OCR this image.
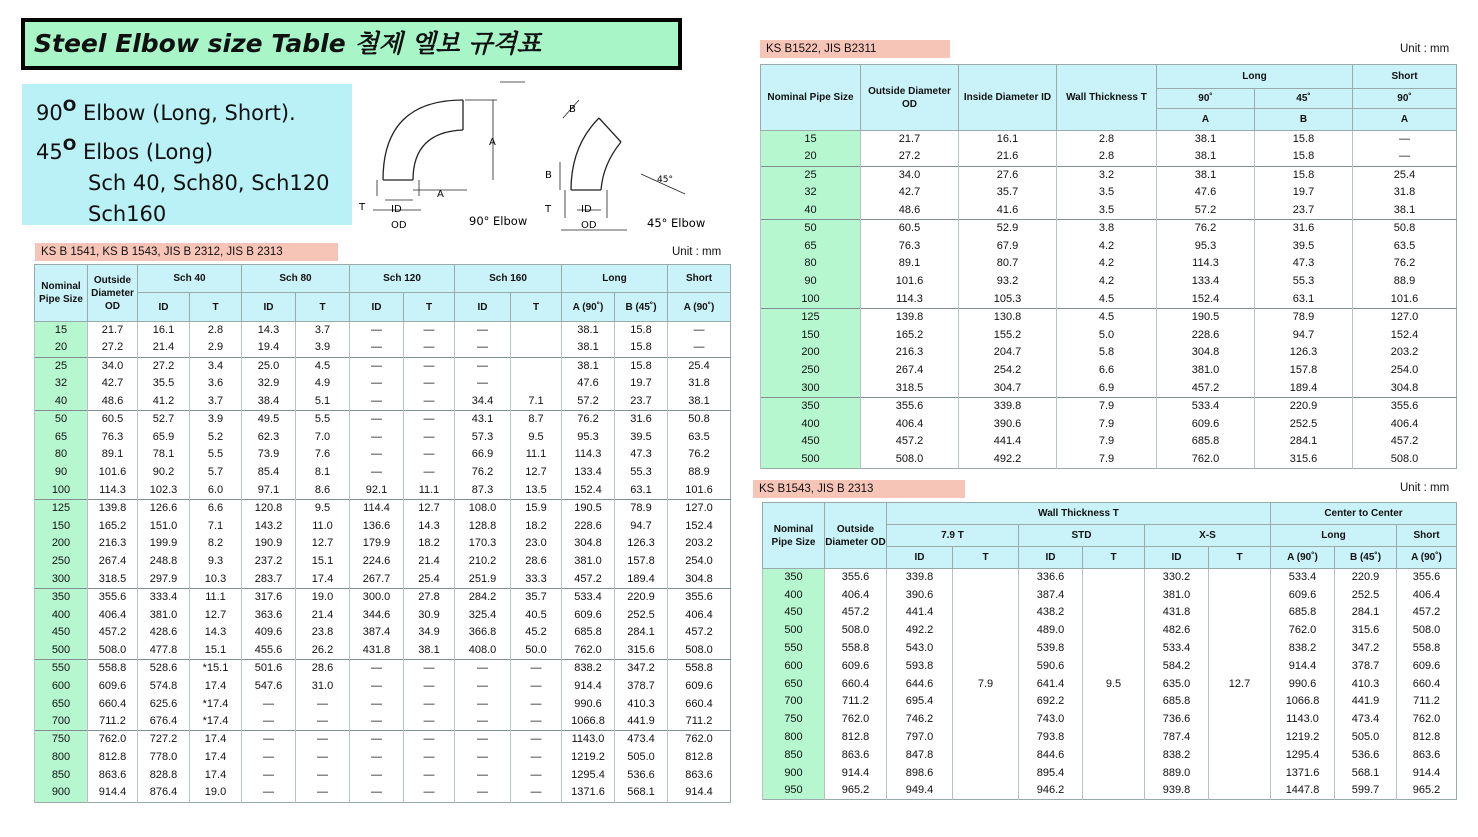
Steel Elbow size Table 철제 엘보 규격표
$90^O$ Elbow (Long, Short).
$45^O$ Elbos (Long)
Sch 40, Sch80, Sch120
Sch160
A
A
T	ID
OD	90° Elbow
B
B
T	ID
OD
45°
45° Elbow
KS B 1541, KS B 1543, JIS B 2312, JIS B 2313	Unit : mm
Nominal Pipe Size	Outside Diameter OD	Sch 40		Sch 80		Sch 120		Sch 160		Long		Short
		ID	T	ID	T	ID	T	ID	T	A (90˚)	B (45˚)	A (90˚)
15	21.7	16.1	2.8	14.3	3.7	—	—	—		38.1	15.8	—
20	27.2	21.4	2.9	19.4	3.9	—	—	—		38.1	15.8	—
25	34.0	27.2	3.4	25.0	4.5	—	—	—		38.1	15.8	25.4
32	42.7	35.5	3.6	32.9	4.9	—	—	—		47.6	19.7	31.8
40	48.6	41.2	3.7	38.4	5.1	—	—	34.4	7.1	57.2	23.7	38.1
50	60.5	52.7	3.9	49.5	5.5	—	—	43.1	8.7	76.2	31.6	50.8
65	76.3	65.9	5.2	62.3	7.0	—	—	57.3	9.5	95.3	39.5	63.5
80	89.1	78.1	5.5	73.9	7.6	—	—	66.9	11.1	114.3	47.3	76.2
90	101.6	90.2	5.7	85.4	8.1	—	—	76.2	12.7	133.4	55.3	88.9
100	114.3	102.3	6.0	97.1	8.6	92.1	11.1	87.3	13.5	152.4	63.1	101.6
125	139.8	126.6	6.6	120.8	9.5	114.4	12.7	108.0	15.9	190.5	78.9	127.0
150	165.2	151.0	7.1	143.2	11.0	136.6	14.3	128.8	18.2	228.6	94.7	152.4
200	216.3	199.9	8.2	190.9	12.7	179.9	18.2	170.3	23.0	304.8	126.3	203.2
250	267.4	248.8	9.3	237.2	15.1	224.6	21.4	210.2	28.6	381.0	157.8	254.0
300	318.5	297.9	10.3	283.7	17.4	267.7	25.4	251.9	33.3	457.2	189.4	304.8
350	355.6	333.4	11.1	317.6	19.0	300.0	27.8	284.2	35.7	533.4	220.9	355.6
400	406.4	381.0	12.7	363.6	21.4	344.6	30.9	325.4	40.5	609.6	252.5	406.4
450	457.2	428.6	14.3	409.6	23.8	387.4	34.9	366.8	45.2	685.8	284.1	457.2
500	508.0	477.8	15.1	455.6	26.2	431.8	38.1	408.0	50.0	762.0	315.6	508.0
550	558.8	528.6	*15.1	501.6	28.6	—	—	—	—	838.2	347.2	558.8
600	609.6	574.8	17.4	547.6	31.0	—	—	—	—	914.4	378.7	609.6
650	660.4	625.6	*17.4	—	—	—	—	—	—	990.6	410.3	660.4
700	711.2	676.4	*17.4	—	—	—	—	—	—	1066.8	441.9	711.2
750	762.0	727.2	17.4	—	—	—	—	—	—	1143.0	473.4	762.0
800	812.8	778.0	17.4	—	—	—	—	—	—	1219.2	505.0	812.8
850	863.6	828.8	17.4	—	—	—	—	—	—	1295.4	536.6	863.6
900	914.4	876.4	19.0	—	—	—	—	—	—	1371.6	568.1	914.4
KS B1522, JIS B2311	Unit : mm
Nominal Pipe Size	Outside Diameter OD	Inside Diameter ID	Wall Thickness T	Long		Short
				90˚	45˚	90˚
				A	B	A
15	21.7	16.1	2.8	38.1	15.8	—
20	27.2	21.6	2.8	38.1	15.8	—
25	34.0	27.6	3.2	38.1	15.8	25.4
32	42.7	35.7	3.5	47.6	19.7	31.8
40	48.6	41.6	3.5	57.2	23.7	38.1
50	60.5	52.9	3.8	76.2	31.6	50.8
65	76.3	67.9	4.2	95.3	39.5	63.5
80	89.1	80.7	4.2	114.3	47.3	76.2
90	101.6	93.2	4.2	133.4	55.3	88.9
100	114.3	105.3	4.5	152.4	63.1	101.6
125	139.8	130.8	4.5	190.5	78.9	127.0
150	165.2	155.2	5.0	228.6	94.7	152.4
200	216.3	204.7	5.8	304.8	126.3	203.2
250	267.4	254.2	6.6	381.0	157.8	254.0
300	318.5	304.7	6.9	457.2	189.4	304.8
350	355.6	339.8	7.9	533.4	220.9	355.6
400	406.4	390.6	7.9	609.6	252.5	406.4
450	457.2	441.4	7.9	685.8	284.1	457.2
500	508.0	492.2	7.9	762.0	315.6	508.0
KS B1543, JIS B 2313	Unit : mm
Nominal Pipe Size	Outside Diameter OD	Wall Thickness T						Center to Center		
		7.9 T		STD		X-S		Long		Short
		ID	T	ID	T	ID	T	A (90˚)	B (45˚)	A (90˚)
350	355.6	339.8	7.9	336.6	9.5	330.2	12.7	533.4	220.9	355.6
400	406.4	390.6		387.4		381.0		609.6	252.5	406.4
450	457.2	441.4		438.2		431.8		685.8	284.1	457.2
500	508.0	492.2		489.0		482.6		762.0	315.6	508.0
550	558.8	543.0		539.8		533.4		838.2	347.2	558.8
600	609.6	593.8		590.6		584.2		914.4	378.7	609.6
650	660.4	644.6		641.4		635.0		990.6	410.3	660.4
700	711.2	695.4		692.2		685.8		1066.8	441.9	711.2
750	762.0	746.2		743.0		736.6		1143.0	473.4	762.0
800	812.8	797.0		793.8		787.4		1219.2	505.0	812.8
850	863.6	847.8		844.6		838.2		1295.4	536.6	863.6
900	914.4	898.6		895.4		889.0		1371.6	568.1	914.4
950	965.2	949.4		946.2		939.8		1447.8	599.7	965.2
